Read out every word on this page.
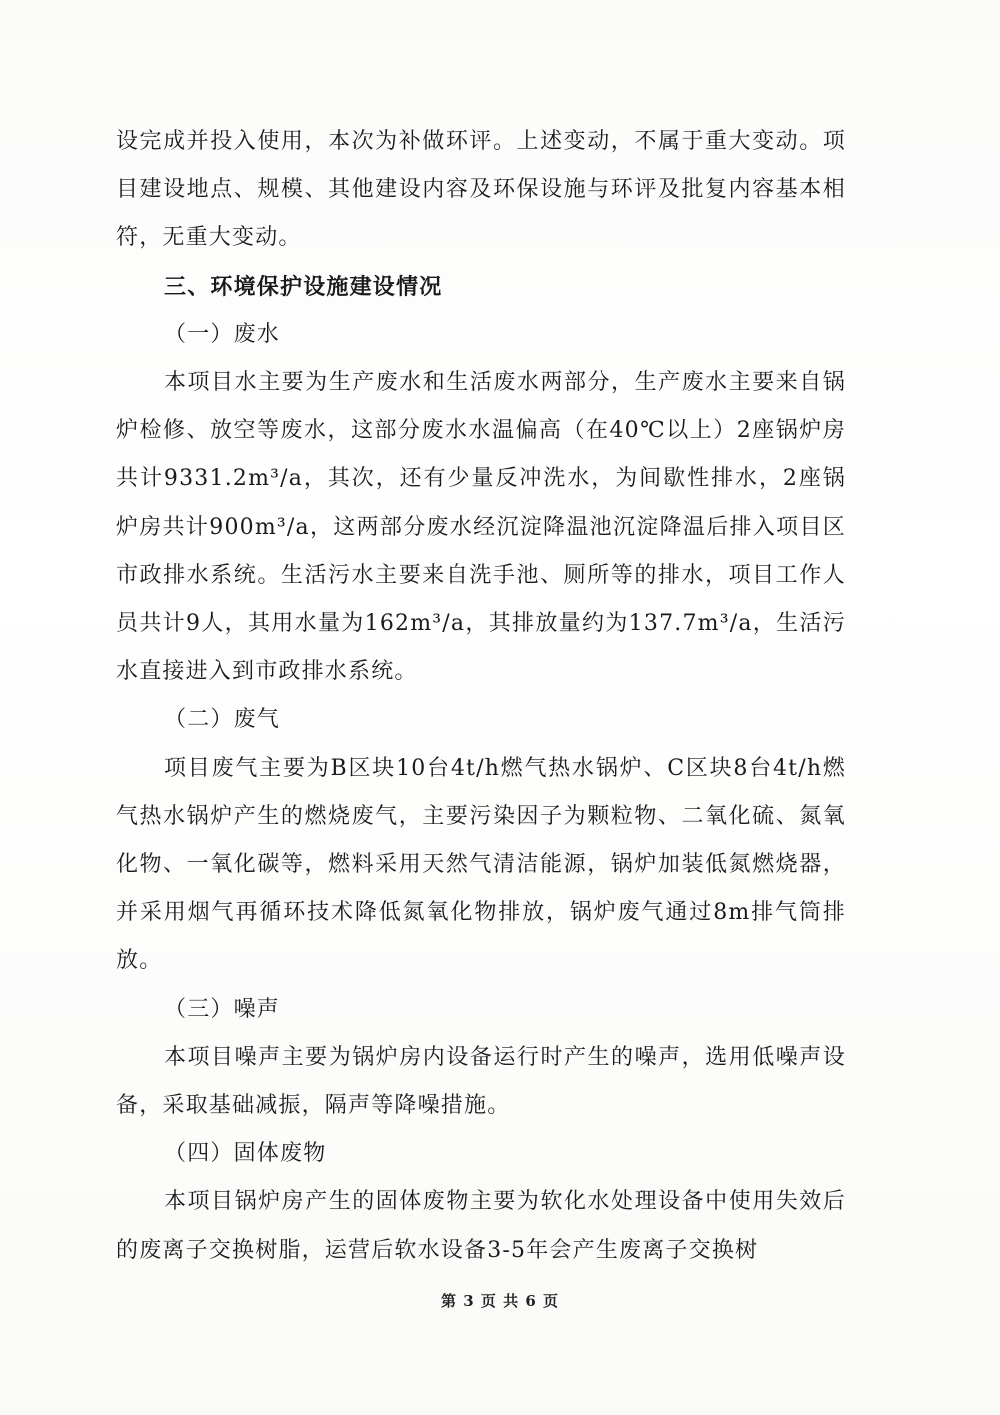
设完成并投入使用，本次为补做环评。上述变动，不属于重大变动。项目建设地点、规模、其他建设内容及环保设施与环评及批复内容基本相符，无重大变动。

三、环境保护设施建设情况

（一）废水

本项目水主要为生产废水和生活废水两部分，生产废水主要来自锅炉检修、放空等废水，这部分废水水温偏高（在40℃以上）2座锅炉房共计9331.2m³/a，其次，还有少量反冲洗水，为间歇性排水，2座锅炉房共计900m³/a，这两部分废水经沉淀降温池沉淀降温后排入项目区市政排水系统。生活污水主要来自洗手池、厕所等的排水，项目工作人员共计9人，其用水量为162m³/a，其排放量约为137.7m³/a，生活污水直接进入到市政排水系统。

（二）废气

项目废气主要为B区块10台4t/h燃气热水锅炉、C区块8台4t/h燃气热水锅炉产生的燃烧废气，主要污染因子为颗粒物、二氧化硫、氮氧化物、一氧化碳等，燃料采用天然气清洁能源，锅炉加装低氮燃烧器，并采用烟气再循环技术降低氮氧化物排放，锅炉废气通过8m排气筒排放。

（三）噪声

本项目噪声主要为锅炉房内设备运行时产生的噪声，选用低噪声设备，采取基础减振，隔声等降噪措施。

（四）固体废物

本项目锅炉房产生的固体废物主要为软化水处理设备中使用失效后的废离子交换树脂，运营后软水设备3-5年会产生废离子交换树

第 3 页 共 6 页
